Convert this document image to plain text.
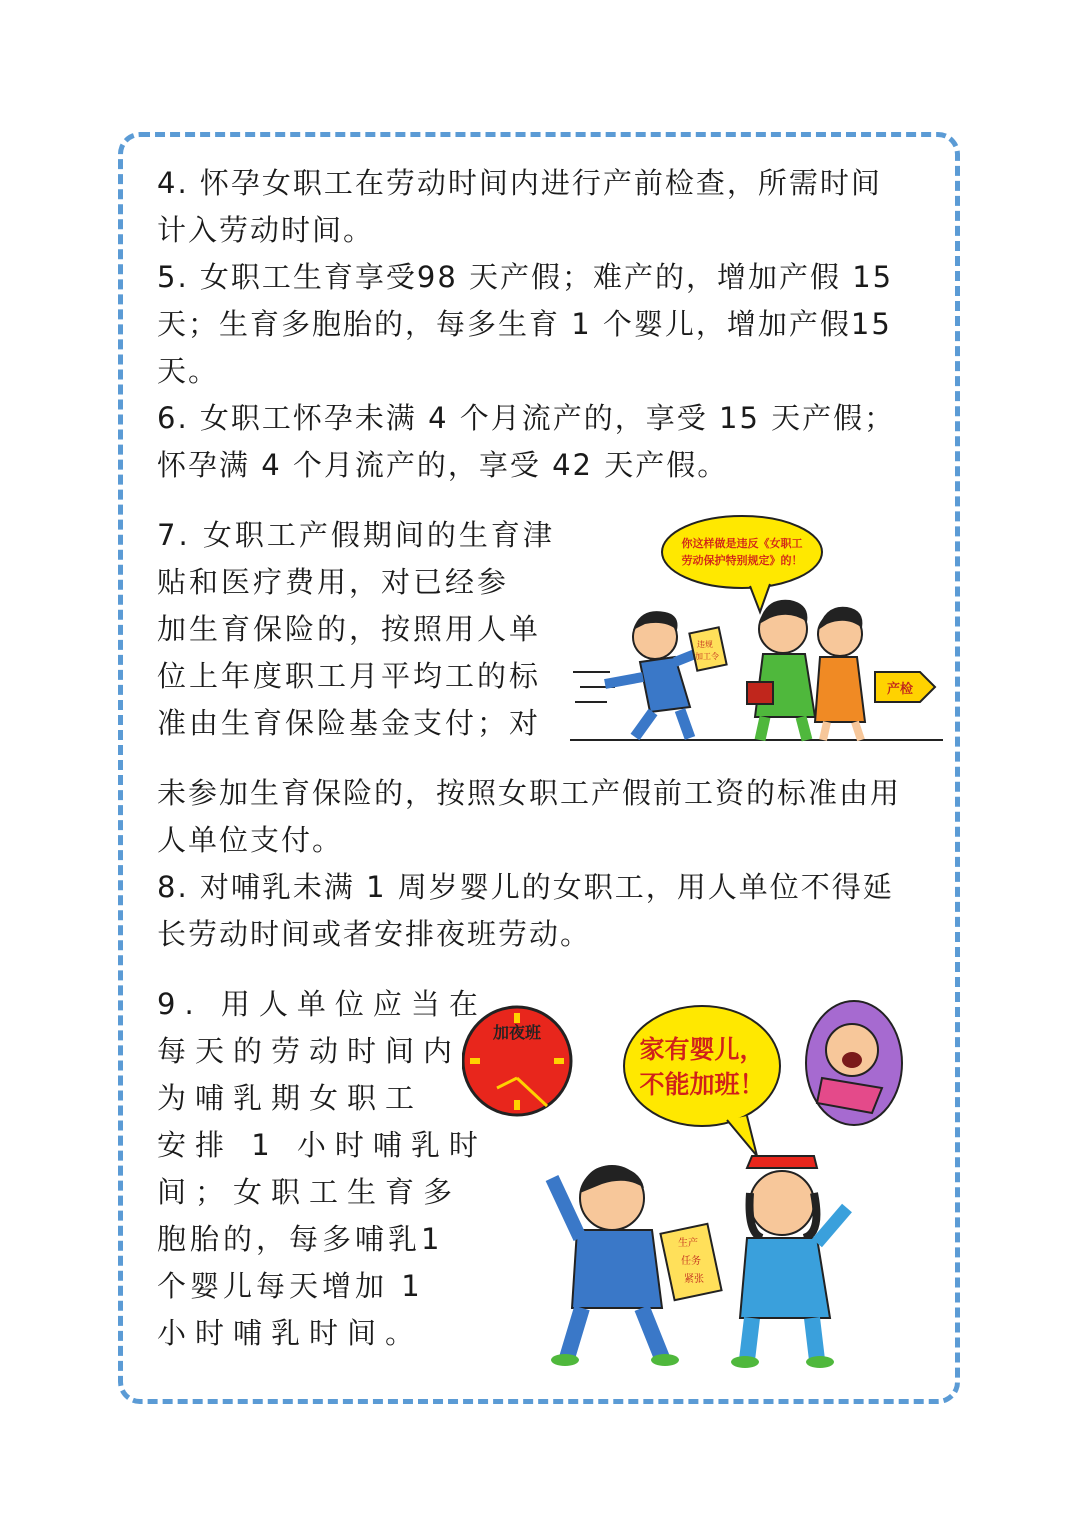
4. 怀孕女职工在劳动时间内进行产前检查，所需时间
计入劳动时间。
5. 女职工生育享受98 天产假；难产的，增加产假 15
天；生育多胞胎的，每多生育 1 个婴儿，增加产假15
天。
6. 女职工怀孕未满 4 个月流产的，享受 15 天产假；
怀孕满 4 个月流产的，享受 42 天产假。
7. 女职工产假期间的生育津
贴和医疗费用，对已经参
加生育保险的，按照用人单
位上年度职工月平均工的标
准由生育保险基金支付；对
未参加生育保险的，按照女职工产假前工资的标准由用
人单位支付。
8. 对哺乳未满 1 周岁婴儿的女职工，用人单位不得延
长劳动时间或者安排夜班劳动。
9. 用人单位应当在
每天的劳动时间内
为哺乳期女职工
安排 1 小时哺乳时
间；女职工生育多
胞胎的，每多哺乳1
个婴儿每天增加 1
小时哺乳时间。
你这样做是违反《女职工
劳动保护特别规定》的！
违规
加工令
产检
加夜班
家有婴儿，
不能加班！
生产
任务
紧张
